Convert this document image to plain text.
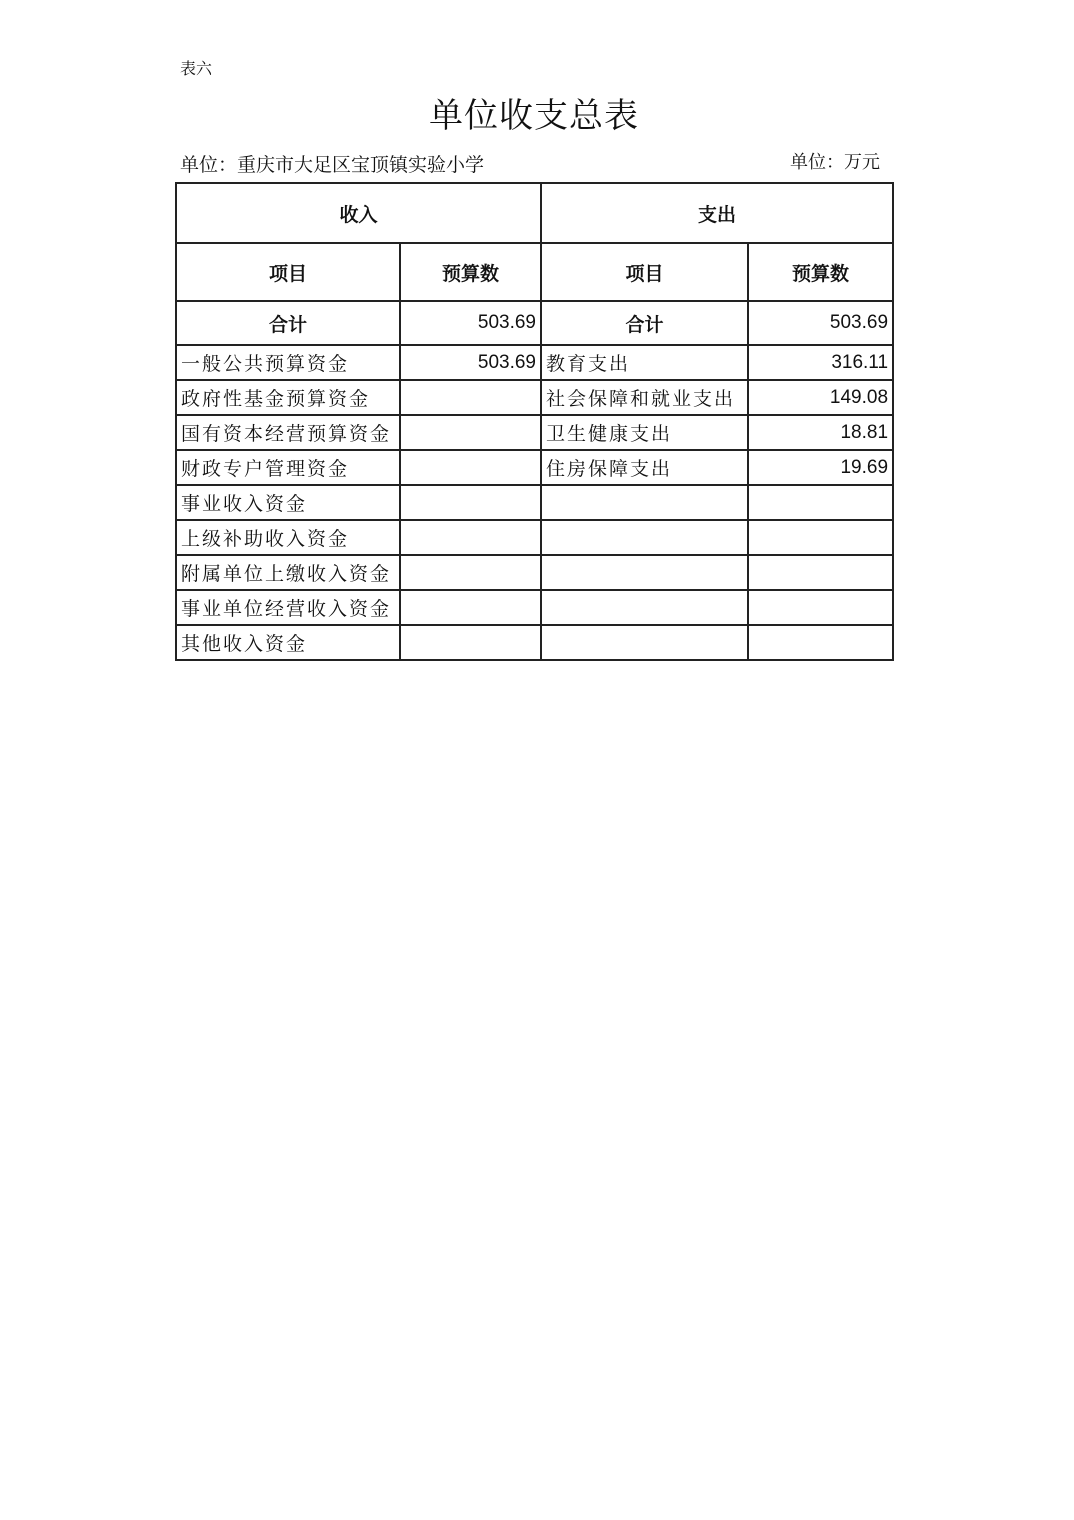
表六
单位收支总表
单位：重庆市大足区宝顶镇实验小学	单位：万元
收入		支出	
项目	预算数	项目	预算数
合计	503.69	合计	503.69
一般公共预算资金	503.69	教育支出	316.11
政府性基金预算资金		社会保障和就业支出	149.08
国有资本经营预算资金		卫生健康支出	18.81
财政专户管理资金		住房保障支出	19.69
事业收入资金			
上级补助收入资金			
附属单位上缴收入资金			
事业单位经营收入资金			
其他收入资金			
